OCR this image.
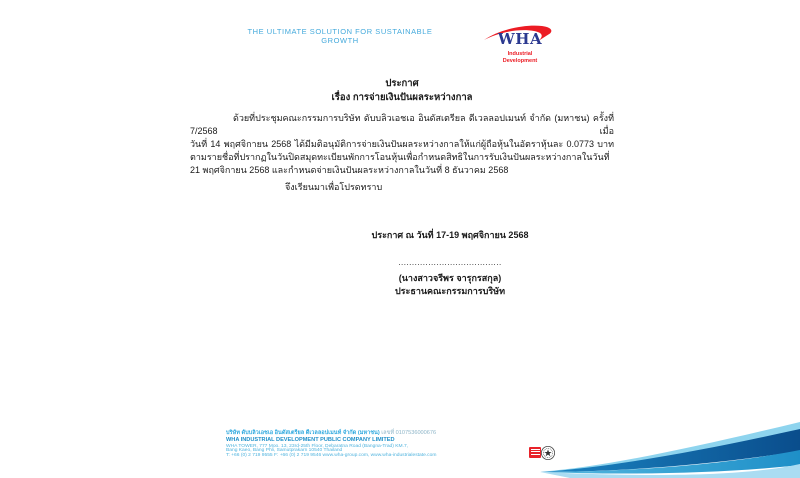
THE ULTIMATE SOLUTION FOR SUSTAINABLE GROWTH	WHA
Industrial
Development
ประกาศ
เรื่อง การจ่ายเงินปันผลระหว่างกาล
ด้วยที่ประชุมคณะกรรมการบริษัท ดับบลิวเอชเอ อินดัสเตรียล ดีเวลลอปเมนท์ จำกัด (มหาชน) ครั้งที่ 7/2568 เมื่อ
วันที่ 14 พฤศจิกายน 2568 ได้มีมติอนุมัติการจ่ายเงินปันผลระหว่างกาลให้แก่ผู้ถือหุ้นในอัตราหุ้นละ 0.0773 บาท
ตามรายชื่อที่ปรากฏในวันปิดสมุดทะเบียนพักการโอนหุ้นเพื่อกำหนดสิทธิในการรับเงินปันผลระหว่างกาลในวันที่
21 พฤศจิกายน 2568 และกำหนดจ่ายเงินปันผลระหว่างกาลในวันที่ 8 ธันวาคม 2568
จึงเรียนมาเพื่อโปรดทราบ
ประกาศ ณ วันที่ 17-19 พฤศจิกายน 2568
......................................
(นางสาวจรีพร จารุกรสกุล)
ประธานคณะกรรมการบริษัท
บริษัท ดับบลิวเอชเอ อินดัสเตรียล ดีเวลลอปเมนท์ จำกัด (มหาชน) เลขที่ 0107536000676
WHA INDUSTRIAL DEVELOPMENT PUBLIC COMPANY LIMITED
WHA TOWER, 777 Moo. 13, 23rd-25th Floor, Debaratna Road (Bangna-Trad) KM.7,
Bang Kaeo, Bang Phli, Samutprakarn 10540 Thailand
T: +66 (0) 2 719 9555 F: +66 (0) 2 719 9546 www.wha-group.com, www.wha-industrialestate.com
